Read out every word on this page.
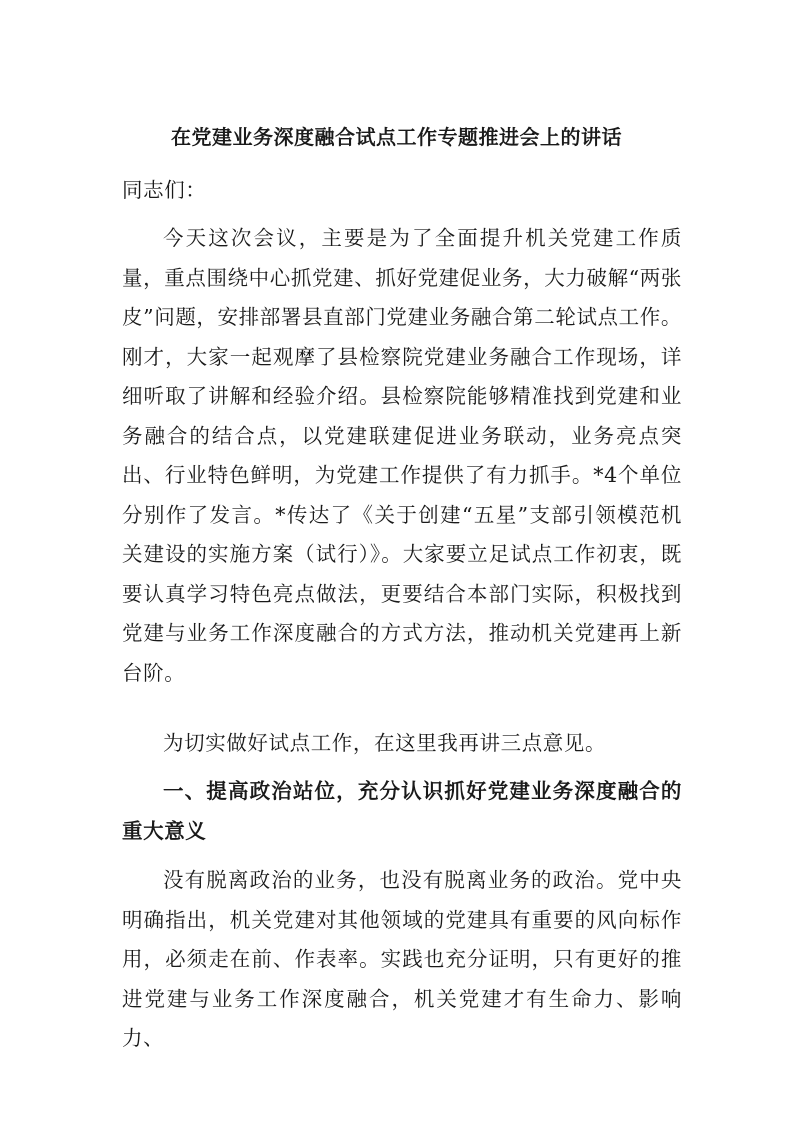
在党建业务深度融合试点工作专题推进会上的讲话

同志们：

今天这次会议，主要是为了全面提升机关党建工作质量，重点围绕中心抓党建、抓好党建促业务，大力破解“两张皮”问题，安排部署县直部门党建业务融合第二轮试点工作。刚才，大家一起观摩了县检察院党建业务融合工作现场，详细听取了讲解和经验介绍。县检察院能够精准找到党建和业务融合的结合点，以党建联建促进业务联动，业务亮点突出、行业特色鲜明，为党建工作提供了有力抓手。*4个单位分别作了发言。*传达了《关于创建“五星”支部引领模范机关建设的实施方案（试行）》。大家要立足试点工作初衷，既要认真学习特色亮点做法，更要结合本部门实际，积极找到党建与业务工作深度融合的方式方法，推动机关党建再上新台阶。

为切实做好试点工作，在这里我再讲三点意见。

一、提高政治站位，充分认识抓好党建业务深度融合的重大意义

没有脱离政治的业务，也没有脱离业务的政治。党中央明确指出，机关党建对其他领域的党建具有重要的风向标作用，必须走在前、作表率。实践也充分证明，只有更好的推进党建与业务工作深度融合，机关党建才有生命力、影响力、
